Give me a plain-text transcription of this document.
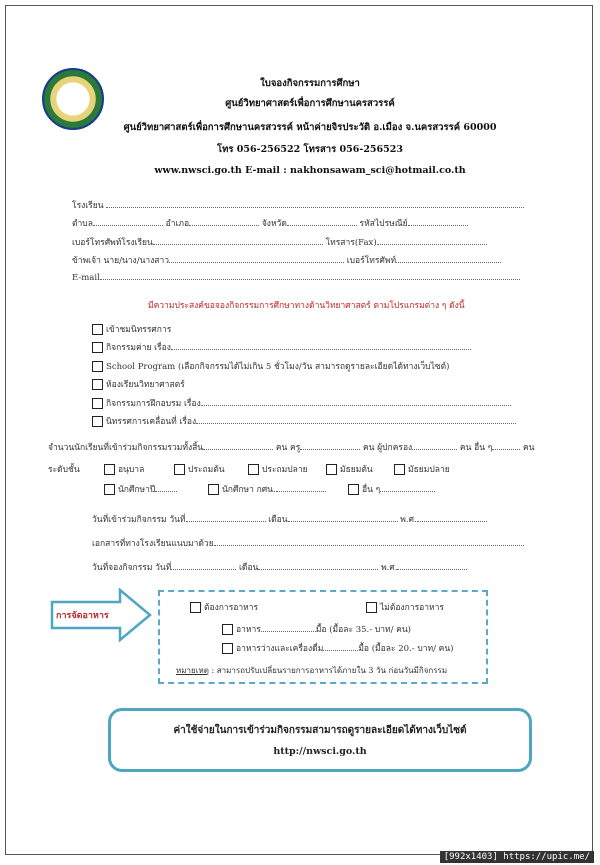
ใบจองกิจกรรมการศึกษา
ศูนย์วิทยาศาสตร์เพื่อการศึกษานครสวรรค์
ศูนย์วิทยาศาสตร์เพื่อการศึกษานครสวรรค์ หน้าค่ายจิรประวัติ อ.เมือง จ.นครสวรรค์ 60000
โทร 056-256522 โทรสาร 056-256523
www.nwsci.go.th E-mail : nakhonsawam_sci@hotmail.co.th
โรงเรียน
ตำบล	อำเภอ	จังหวัด	รหัสไปรษณีย์
เบอร์โทรศัพท์โรงเรียน	โทรสาร(Fax)
ข้าพเจ้า นาย/นาง/นางสาว	เบอร์โทรศัพท์
E-mail
มีความประสงค์ขอจองกิจกรรมการศึกษาทางด้านวิทยาศาสตร์ ตามโปรแกรมต่าง ๆ ดังนี้
เข้าชมนิทรรศการ
กิจกรรมค่าย เรื่อง
School Program (เลือกกิจกรรมได้ไม่เกิน 5 ชั่วโมง/วัน สามารถดูรายละเอียดได้ทางเว็บไซต์)
ห้องเรียนวิทยาศาสตร์
กิจกรรมการฝึกอบรม เรื่อง
นิทรรศการเคลื่อนที่ เรื่อง
จำนวนนักเรียนที่เข้าร่วมกิจกรรมรวมทั้งสิ้น	คน ครู	คน ผู้ปกครอง	คน อื่น ๆ	คน
ระดับชั้น	อนุบาล	ประถมต้น	ประถมปลาย	มัธยมต้น	มัธยมปลาย
นักศึกษาปี	นักศึกษา กศน.	อื่น ๆ
วันที่เข้าร่วมกิจกรรม วันที่	เดือน	พ.ศ.
เอกสารที่ทางโรงเรียนแนบมาด้วย
วันที่จองกิจกรรม วันที่	เดือน	พ.ศ.
การจัดอาหาร
ต้องการอาหาร	ไม่ต้องการอาหาร
อาหาร	มื้อ (มื้อละ 35.- บาท/ คน)
อาหารว่างและเครื่องดื่ม	มื้อ (มื้อละ 20.- บาท/ คน)
หมายเหตุ : สามารถปรับเปลี่ยนรายการอาหารได้ภายใน 3 วัน ก่อนวันมีกิจกรรม
ค่าใช้จ่ายในการเข้าร่วมกิจกรรมสามารถดูรายละเอียดได้ทางเว็บไซต์
http://nwsci.go.th
[992x1403] https://upic.me/
